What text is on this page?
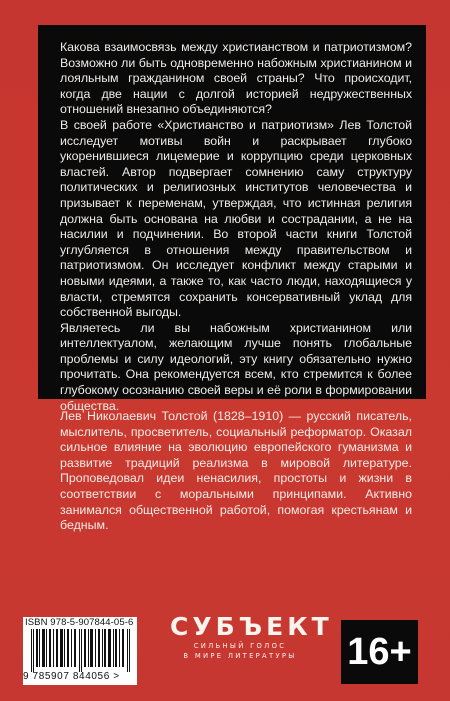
Какова взаимосвязь между христианством и патриотизмом? Возможно ли быть одновременно набожным христианином и лояльным гражданином своей страны? Что происходит, когда две нации с долгой историей недружественных отношений внезапно объединяются?

В своей работе «Христианство и патриотизм» Лев Толстой исследует мотивы войн и раскрывает глубоко укоренившиеся лицемерие и коррупцию среди церковных властей. Автор подвергает сомнению саму структуру политических и религиозных институтов человечества и призывает к переменам, утверждая, что истинная религия должна быть основана на любви и сострадании, а не на насилии и подчинении. Во второй части книги Толстой углубляется в отношения между правительством и патриотизмом. Он исследует конфликт между старыми и новыми идеями, а также то, как часто люди, находящиеся у власти, стремятся сохранить консервативный уклад для собственной выгоды.

Являетесь ли вы набожным христианином или интеллектуалом, желающим лучше понять глобальные проблемы и силу идеологий, эту книгу обязательно нужно прочитать. Она рекомендуется всем, кто стремится к более глубокому осознанию своей веры и её роли в формировании общества.

Лев Николаевич Толстой (1828–1910) — русский писатель, мыслитель, просветитель, социальный реформатор. Оказал сильное влияние на эволюцию европейского гуманизма и развитие традиций реализма в мировой литературе. Проповедовал идеи ненасилия, простоты и жизни в соответствии с моральными принципами. Активно занимался общественной работой, помогая крестьянам и бедным.

ISBN 978-5-907844-05-6
9 785907 844056 >
СУБЪЕКТ
СИЛЬНЫЙ ГОЛОС
В МИРЕ ЛИТЕРАТУРЫ	16+
